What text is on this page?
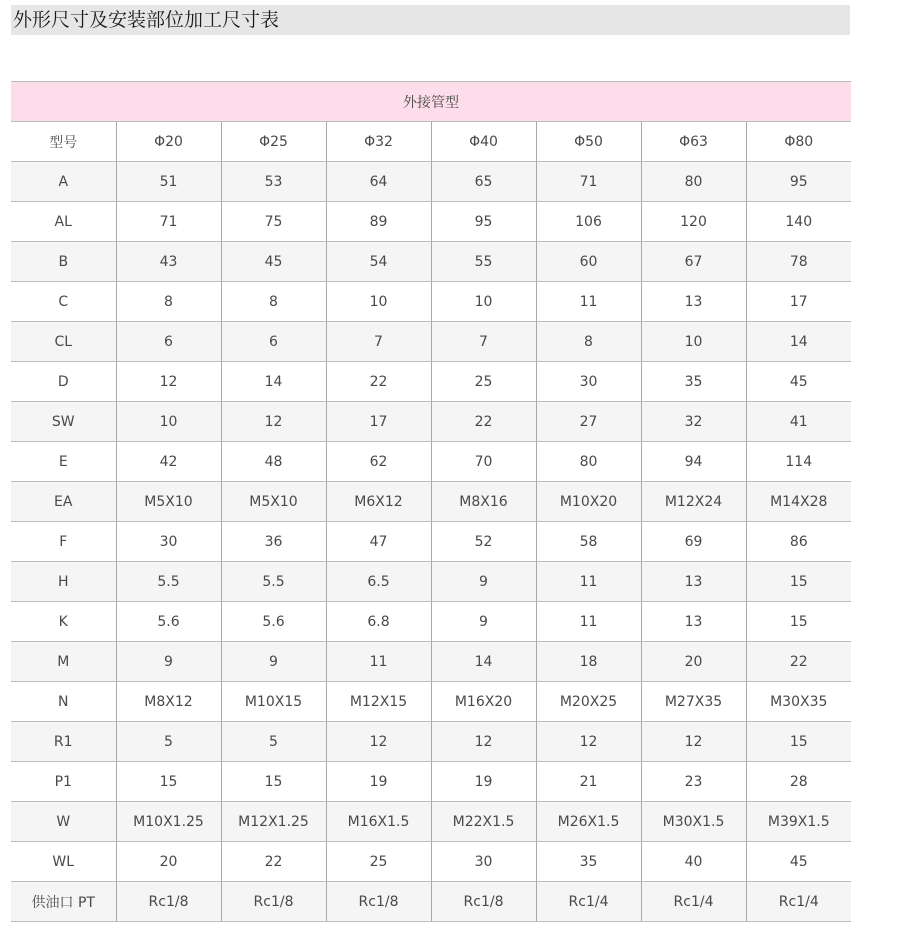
外形尺寸及安装部位加工尺寸表
外接管型							
型号	Φ20	Φ25	Φ32	Φ40	Φ50	Φ63	Φ80
A	51	53	64	65	71	80	95
AL	71	75	89	95	106	120	140
B	43	45	54	55	60	67	78
C	8	8	10	10	11	13	17
CL	6	6	7	7	8	10	14
D	12	14	22	25	30	35	45
SW	10	12	17	22	27	32	41
E	42	48	62	70	80	94	114
EA	M5X10	M5X10	M6X12	M8X16	M10X20	M12X24	M14X28
F	30	36	47	52	58	69	86
H	5.5	5.5	6.5	9	11	13	15
K	5.6	5.6	6.8	9	11	13	15
M	9	9	11	14	18	20	22
N	M8X12	M10X15	M12X15	M16X20	M20X25	M27X35	M30X35
R1	5	5	12	12	12	12	15
P1	15	15	19	19	21	23	28
W	M10X1.25	M12X1.25	M16X1.5	M22X1.5	M26X1.5	M30X1.5	M39X1.5
WL	20	22	25	30	35	40	45
供油口 PT	Rc1/8	Rc1/8	Rc1/8	Rc1/8	Rc1/4	Rc1/4	Rc1/4
